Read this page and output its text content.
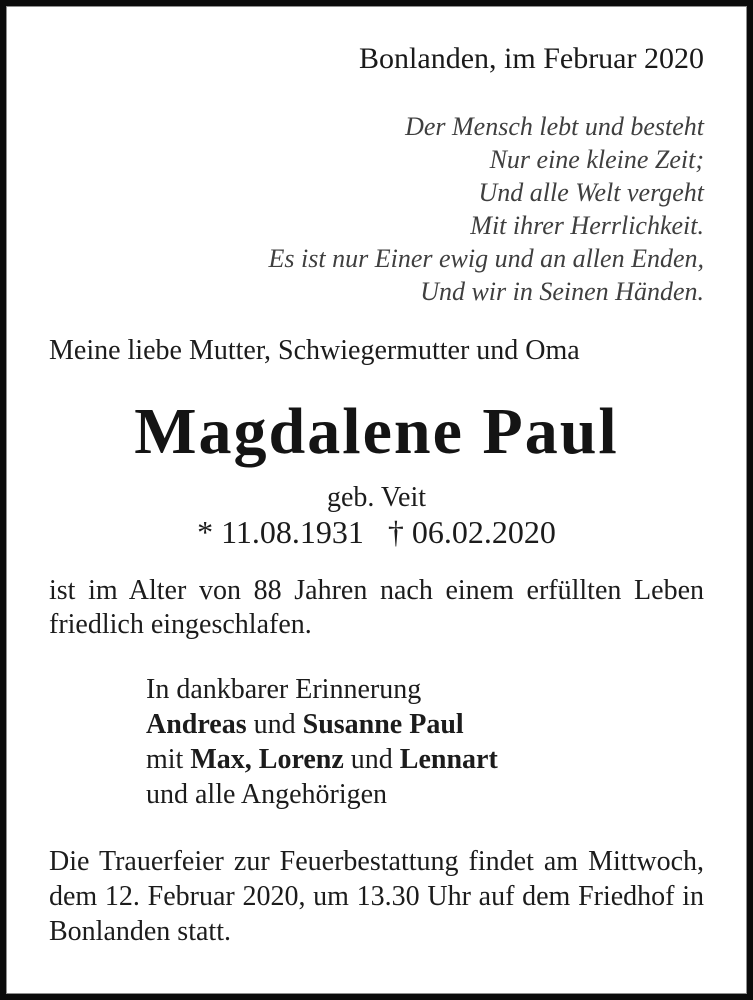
Bonlanden, im Februar 2020
Der Mensch lebt und besteht
Nur eine kleine Zeit;
Und alle Welt vergeht
Mit ihrer Herrlichkeit.
Es ist nur Einer ewig und an allen Enden,
Und wir in Seinen Händen.
Meine liebe Mutter, Schwiegermutter und Oma
Magdalene Paul
geb. Veit
* 11.08.1931 † 06.02.2020
ist im Alter von 88 Jahren nach einem erfüllten Leben friedlich eingeschlafen.
In dankbarer Erinnerung
Andreas und Susanne Paul
mit Max, Lorenz und Lennart
und alle Angehörigen
Die Trauerfeier zur Feuerbestattung findet am Mittwoch, dem 12. Februar 2020, um 13.30 Uhr auf dem Friedhof in Bonlanden statt.
